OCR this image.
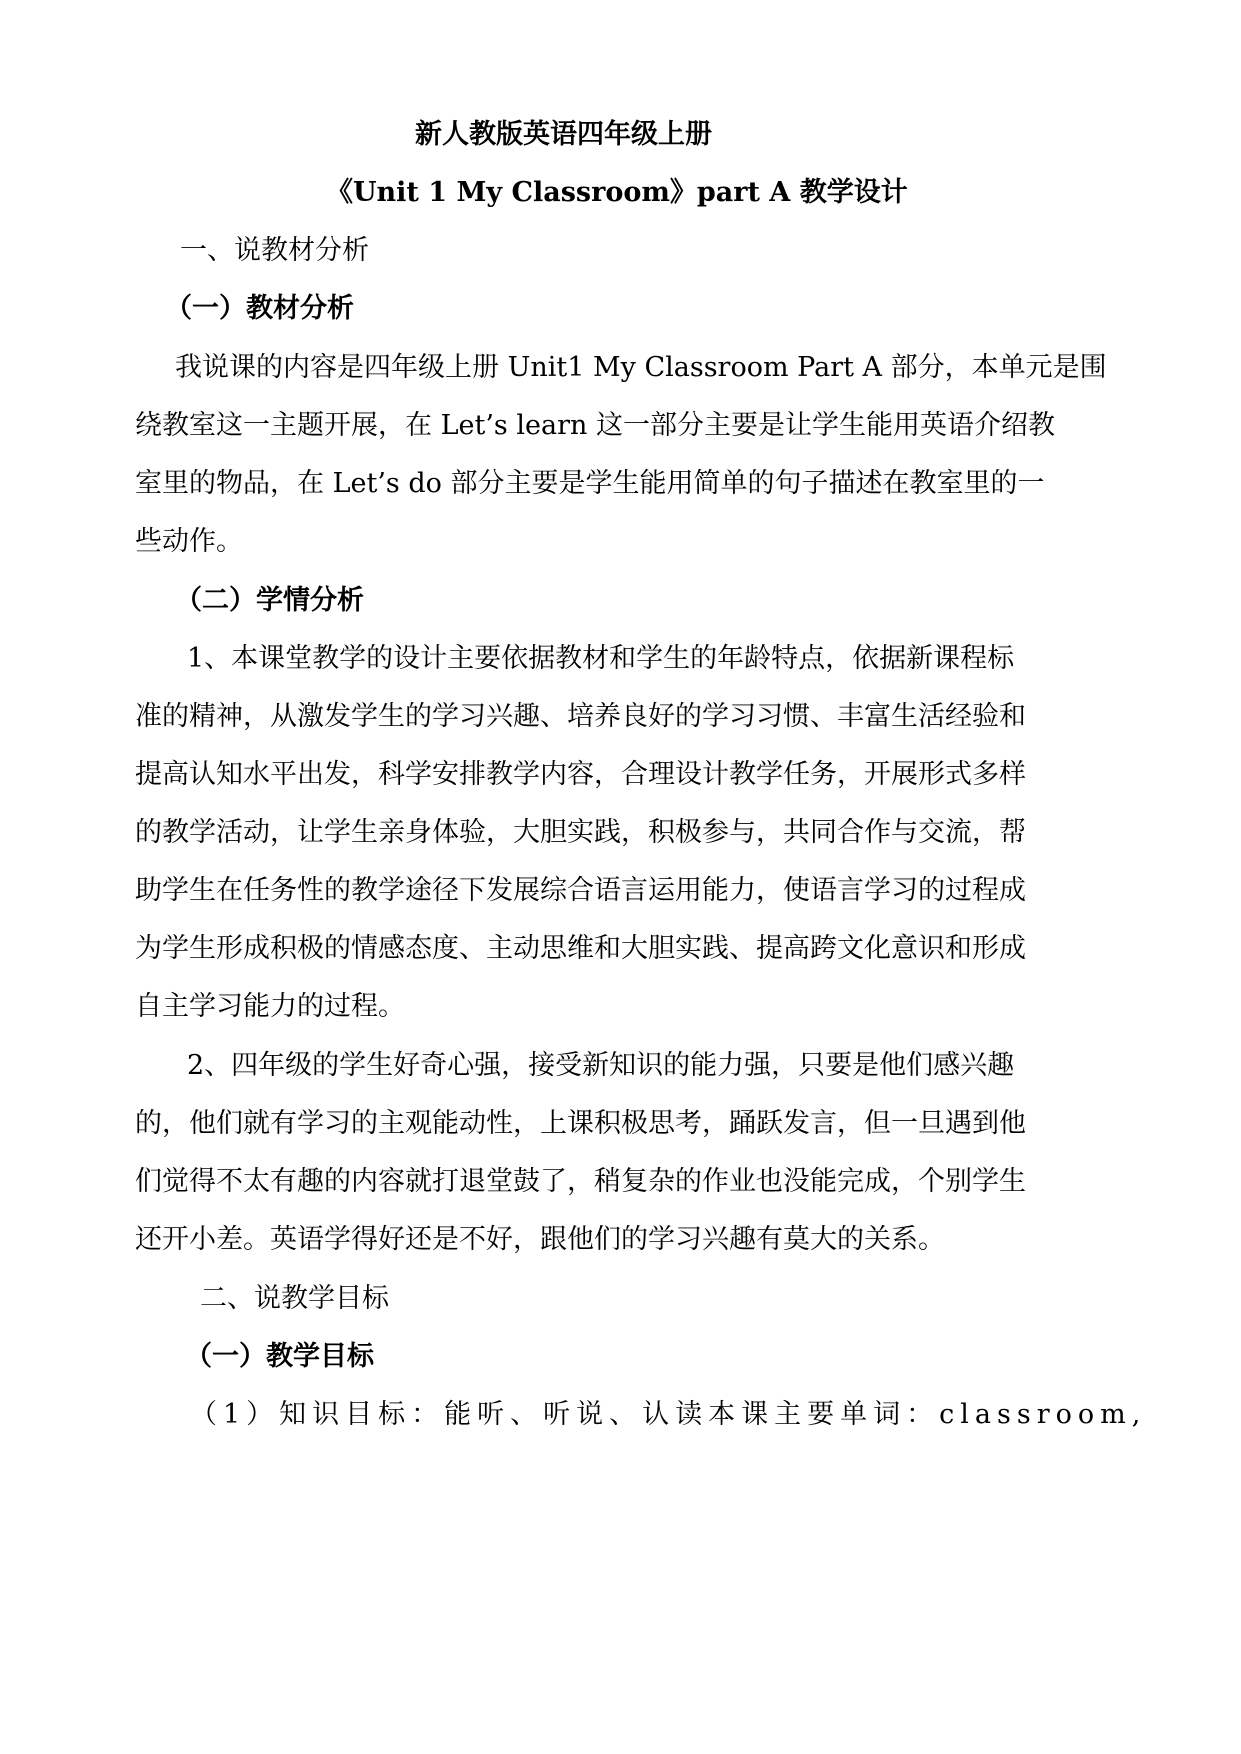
新人教版英语四年级上册
《Unit 1 My Classroom》part A 教学设计
一、说教材分析
（一）教材分析
我说课的内容是四年级上册 Unit1 My Classroom Part A 部分，本单元是围
绕教室这一主题开展，在 Let’s learn 这一部分主要是让学生能用英语介绍教
室里的物品，在 Let’s do 部分主要是学生能用简单的句子描述在教室里的一
些动作。
（二）学情分析
1、本课堂教学的设计主要依据教材和学生的年龄特点，依据新课程标
准的精神，从激发学生的学习兴趣、培养良好的学习习惯、丰富生活经验和
提高认知水平出发，科学安排教学内容，合理设计教学任务，开展形式多样
的教学活动，让学生亲身体验，大胆实践，积极参与，共同合作与交流，帮
助学生在任务性的教学途径下发展综合语言运用能力，使语言学习的过程成
为学生形成积极的情感态度、主动思维和大胆实践、提高跨文化意识和形成
自主学习能力的过程。
2、四年级的学生好奇心强，接受新知识的能力强，只要是他们感兴趣
的，他们就有学习的主观能动性，上课积极思考，踊跃发言，但一旦遇到他
们觉得不太有趣的内容就打退堂鼓了，稍复杂的作业也没能完成，个别学生
还开小差。英语学得好还是不好，跟他们的学习兴趣有莫大的关系。
二、说教学目标
（一）教学目标
（1）知识目标：能听、听说、认读本课主要单词：classroom,
